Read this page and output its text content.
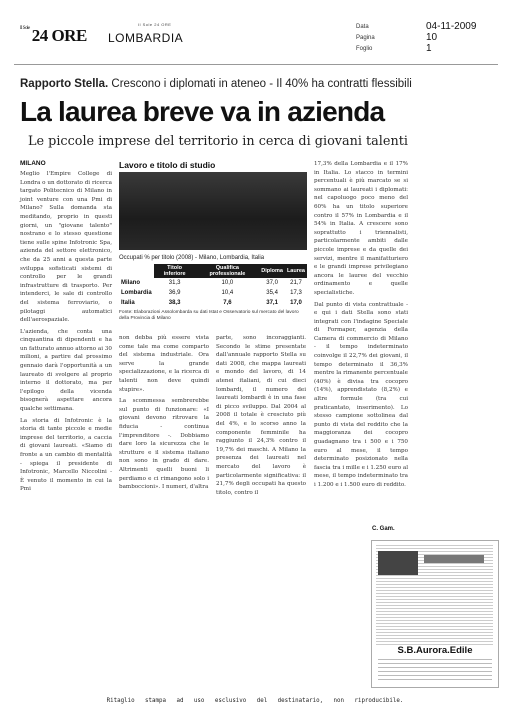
$^{Il Sole}$ 24 ORE
Il Sole 24 ORE
LOMBARDIA
Data	04-11-2009
Pagina	10
Foglio	1
Rapporto Stella. Crescono i diplomati in ateneo - Il 40% ha contratti flessibili
La laurea breve va in azienda
Le piccole imprese del territorio in cerca di giovani talenti
MILANO

Meglio l'Empire College di Londra o un dottorato di ricerca targato Politecnico di Milano in joint venture con una Pmi di Milano? Sulla domanda sta meditando, proprio in questi giorni, un "giovane talento" nostrano e lo stesso questione tiene sulle spine Infotronic Spa, azienda del settore elettronico, che da 25 anni a questa parte sviluppa sofisticati sistemi di controllo per le grandi infrastrutture di trasporto. Per intenderci, le sale di controllo del sistema ferroviario, o pilotaggi automatici dell'aerospaziale.

L'azienda, che conta una cinquantina di dipendenti e ha un fatturato annuo attorno ai 30 milioni, a partire dal prossimo gennaio darà l'opportunità a un laureato di svolgere al proprio interno il dottorato, ma per l'epilogo della vicenda bisognerà aspettare ancora qualche settimana.

La storia di Infotronic è la storia di tante piccole e medie imprese del territorio, a caccia di giovani laureati. «Siamo di fronte a un cambio di mentalità - spiega il presidente di Infotronic, Marcello Niccolini - È venuto il momento in cui la Pmi

Lavoro e titolo di studio
Occupati % per titolo (2008) - Milano, Lombardia, Italia
	Titolo inferiore	Qualifica professionale	Diploma	Laurea
Milano	31,3	10,0	37,0	21,7
Lombardia	36,9	10,4	35,4	17,3
Italia	38,3	7,6	37,1	17,0
Fonte: Elaborazioni Assolombarda su dati Istat e Osservatorio sul mercato del lavoro della Provincia di Milano

non debba più essere vista come tale ma come comparto del sistema industriale. Ora serve la grande specializzazione, e la ricerca di talenti non deve quindi stupire».

La scommessa sembrerebbe sul punto di funzionare: «I giovani devono ritrovare la fiducia - continua l'imprenditore -. Dobbiamo dare loro la sicurezza che le strutture e il sistema italiano non sono in grado di dare. Altrimenti quelli buoni li perdiamo e ci rimangono solo i bamboccioni». I numeri, d'altra

parte, sono incoraggianti. Secondo le stime presentate dall'annuale rapporto Stella su dati 2008, che mappa laureati e mondo del lavoro, di 14 atenei italiani, di cui dieci lombardi, il numero dei laureati lombardi è in una fase di picco sviluppo. Dal 2004 al 2008 il totale è cresciuto più del 4%, e lo scorso anno la componente femminile ha raggiunto il 24,3% contro il 19,7% dei maschi. A Milano la presenza dei laureati nel mercato del lavoro è particolarmente significativa: il 21,7% degli occupati ha questo titolo, contro il

17,3% della Lombardia e il 17% in Italia. Lo stacco in termini percentuali è più marcato se si sommano ai laureati i diplomati: nel capoluogo poco meno del 60% ha un titolo superiore contro il 57% in Lombardia e il 54% in Italia. A crescere sono soprattutto i triennalisti, particolarmente ambiti dalle piccole imprese e da quelle dei servizi, mentre il manifatturiero e le grandi imprese privilegiano ancora le lauree del vecchio ordinamento e quelle specialistiche.

Dal punto di vista contrattuale - e qui i dati Stella sono stati integrati con l'indagine Speciale di Formaper, agenzia della Camera di commercio di Milano - il tempo indeterminato coinvolge il 22,7% dei giovani, il tempo determinato il 36,3% mentre la rimanente percentuale (40%) è divisa tra cocopro (14%), apprendistato (8,2%) e altre formule (tra cui praticantato, inserimento). Lo stesso campione sottolinea dal punto di vista del reddito che la maggioranza dei cocopro guadagnano tra i 500 e i 750 euro al mese, il tempo determinato posizionato nella fascia tra i mille e i 1.250 euro al mese, il tempo indeterminato tra i 1.200 e i 1.500 euro di reddito.

C. Gam.
S.B.Aurora.Edile
Ritaglio   stampa   ad   uso   esclusivo   del   destinatario,   non   riproducibile.
